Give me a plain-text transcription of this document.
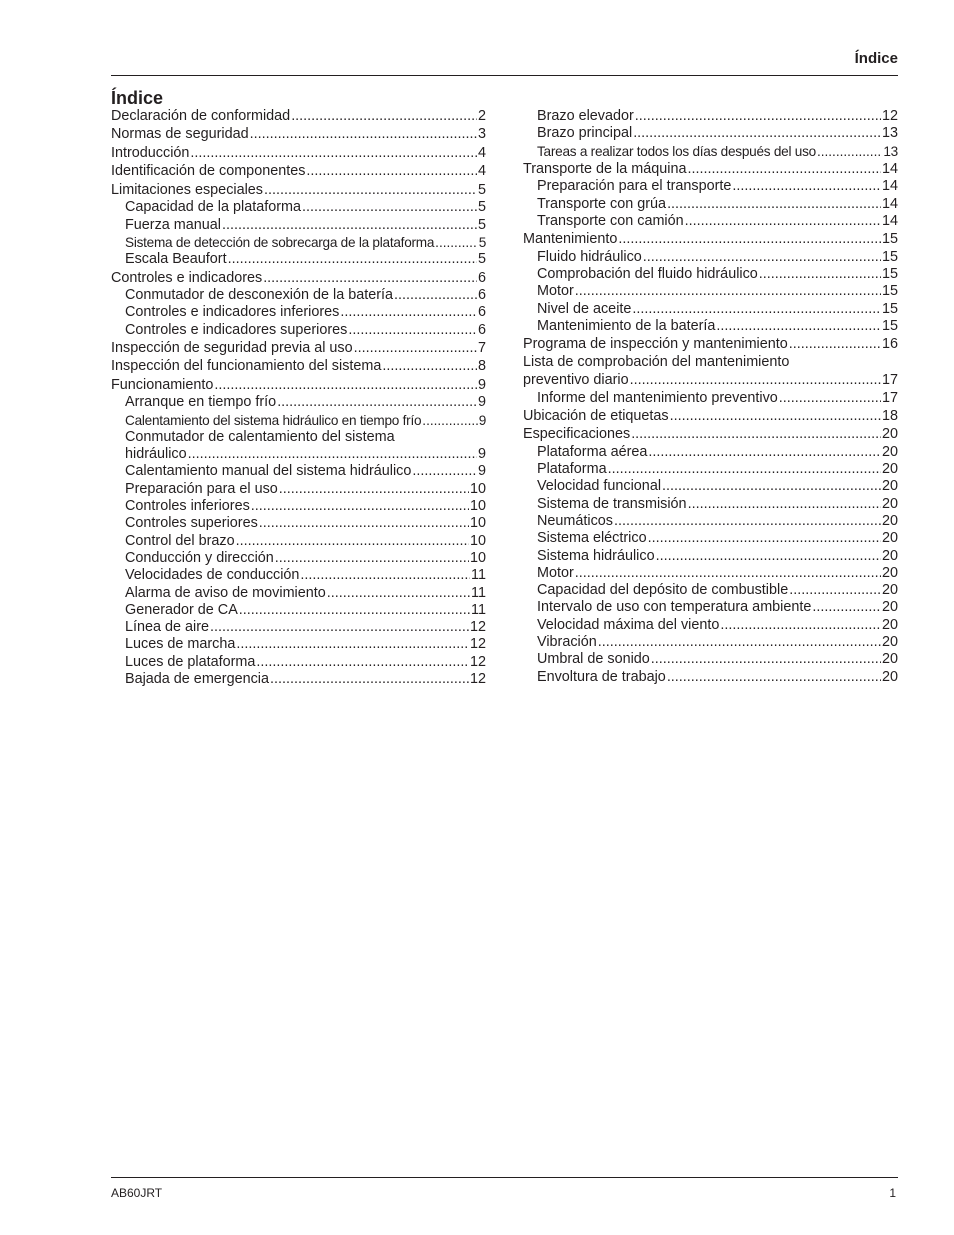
Índice
Índice
Declaración de conformidad .....	2
Normas de seguridad .....	3
Introducción .....	4
Identificación de componentes .....	4
Limitaciones especiales .....	5
Capacidad de la plataforma .....	5
Fuerza manual .....	5
Sistema de detección de sobrecarga de la plataforma .....	5
Escala Beaufort .....	5
Controles e indicadores .....	6
Conmutador de desconexión de la batería .....	6
Controles e indicadores inferiores .....	6
Controles e indicadores superiores .....	6
Inspección de seguridad previa al uso .....	7
Inspección del funcionamiento del sistema .....	8
Funcionamiento .....	9
Arranque en tiempo frío .....	9
Calentamiento del sistema hidráulico en tiempo frío .....	9
Conmutador de calentamiento del sistema
hidráulico .....	9
Calentamiento manual del sistema hidráulico .....	9
Preparación para el uso .....	10
Controles inferiores .....	10
Controles superiores .....	10
Control del brazo .....	10
Conducción y dirección .....	10
Velocidades de conducción .....	11
Alarma de aviso de movimiento .....	11
Generador de CA .....	11
Línea de aire .....	12
Luces de marcha .....	12
Luces de plataforma .....	12
Bajada de emergencia .....	12
Brazo elevador .....	12
Brazo principal .....	13
Tareas a realizar todos los días después del uso .....	13
Transporte de la máquina .....	14
Preparación para el transporte .....	14
Transporte con grúa .....	14
Transporte con camión .....	14
Mantenimiento .....	15
Fluido hidráulico .....	15
Comprobación del fluido hidráulico .....	15
Motor .....	15
Nivel de aceite .....	15
Mantenimiento de la batería .....	15
Programa de inspección y mantenimiento .....	16
Lista de comprobación del mantenimiento
preventivo diario .....	17
Informe del mantenimiento preventivo .....	17
Ubicación de etiquetas .....	18
Especificaciones .....	20
Plataforma aérea .....	20
Plataforma .....	20
Velocidad funcional .....	20
Sistema de transmisión .....	20
Neumáticos .....	20
Sistema eléctrico .....	20
Sistema hidráulico .....	20
Motor .....	20
Capacidad del depósito de combustible .....	20
Intervalo de uso con temperatura ambiente .....	20
Velocidad máxima del viento .....	20
Vibración .....	20
Umbral de sonido .....	20
Envoltura de trabajo .....	20
AB60JRT	1
